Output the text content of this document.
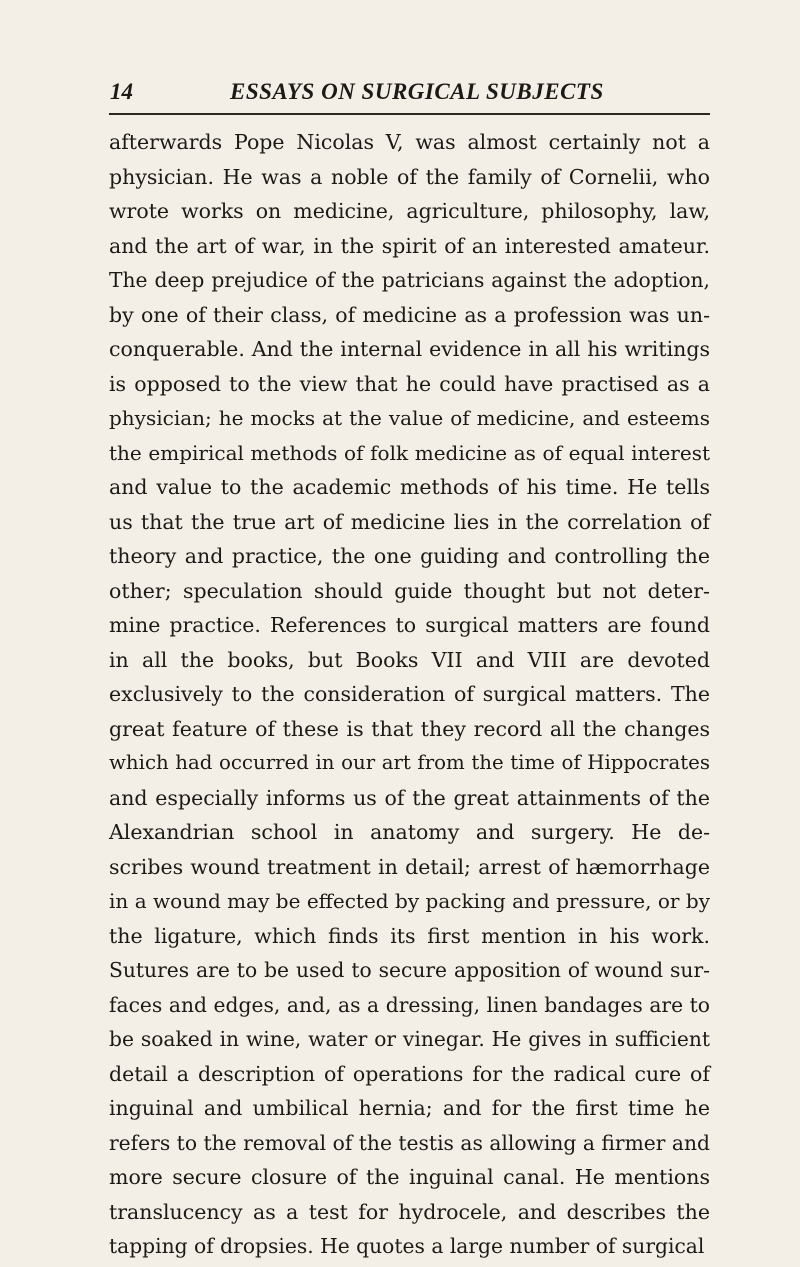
14	ESSAYS ON SURGICAL SUBJECTS
afterwards Pope Nicolas V, was almost certainly not a
physician. He was a noble of the family of Cornelii, who
wrote works on medicine, agriculture, philosophy, law,
and the art of war, in the spirit of an interested amateur.
The deep prejudice of the patricians against the adoption,
by one of their class, of medicine as a profession was un-
conquerable. And the internal evidence in all his writings
is opposed to the view that he could have practised as a
physician; he mocks at the value of medicine, and esteems
the empirical methods of folk medicine as of equal interest
and value to the academic methods of his time. He tells
us that the true art of medicine lies in the correlation of
theory and practice, the one guiding and controlling the
other; speculation should guide thought but not deter-
mine practice. References to surgical matters are found
in all the books, but Books VII and VIII are devoted
exclusively to the consideration of surgical matters. The
great feature of these is that they record all the changes
which had occurred in our art from the time of Hippocrates
and especially informs us of the great attainments of the
Alexandrian school in anatomy and surgery. He de-
scribes wound treatment in detail; arrest of hæmorrhage
in a wound may be effected by packing and pressure, or by
the ligature, which finds its first mention in his work.
Sutures are to be used to secure apposition of wound sur-
faces and edges, and, as a dressing, linen bandages are to
be soaked in wine, water or vinegar. He gives in sufficient
detail a description of operations for the radical cure of
inguinal and umbilical hernia; and for the first time he
refers to the removal of the testis as allowing a firmer and
more secure closure of the inguinal canal. He mentions
translucency as a test for hydrocele, and describes the
tapping of dropsies. He quotes a large number of surgical
